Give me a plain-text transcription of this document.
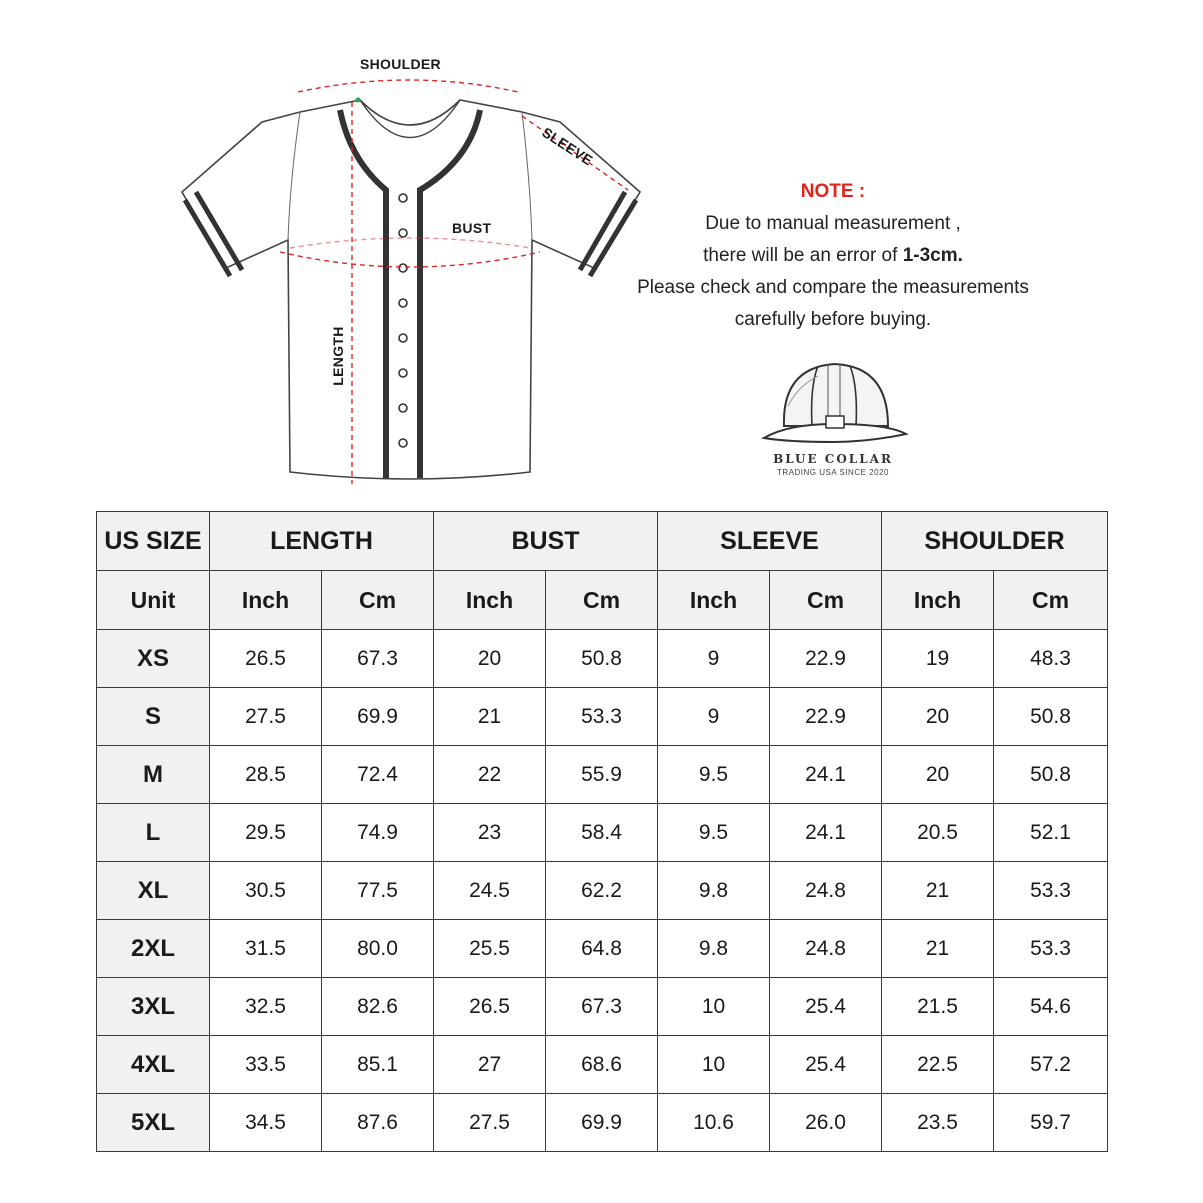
SHOULDER
SLEEVE
BUST
LENGTH
NOTE :
Due to manual measurement ,
there will be an error of 1-3cm.
Please check and compare the measurements
carefully before buying.
BLUE COLLAR
TRADING USA SINCE 2020
US SIZE	LENGTH		BUST		SLEEVE		SHOULDER	
Unit	Inch	Cm	Inch	Cm	Inch	Cm	Inch	Cm
XS	26.5	67.3	20	50.8	9	22.9	19	48.3
S	27.5	69.9	21	53.3	9	22.9	20	50.8
M	28.5	72.4	22	55.9	9.5	24.1	20	50.8
L	29.5	74.9	23	58.4	9.5	24.1	20.5	52.1
XL	30.5	77.5	24.5	62.2	9.8	24.8	21	53.3
2XL	31.5	80.0	25.5	64.8	9.8	24.8	21	53.3
3XL	32.5	82.6	26.5	67.3	10	25.4	21.5	54.6
4XL	33.5	85.1	27	68.6	10	25.4	22.5	57.2
5XL	34.5	87.6	27.5	69.9	10.6	26.0	23.5	59.7
